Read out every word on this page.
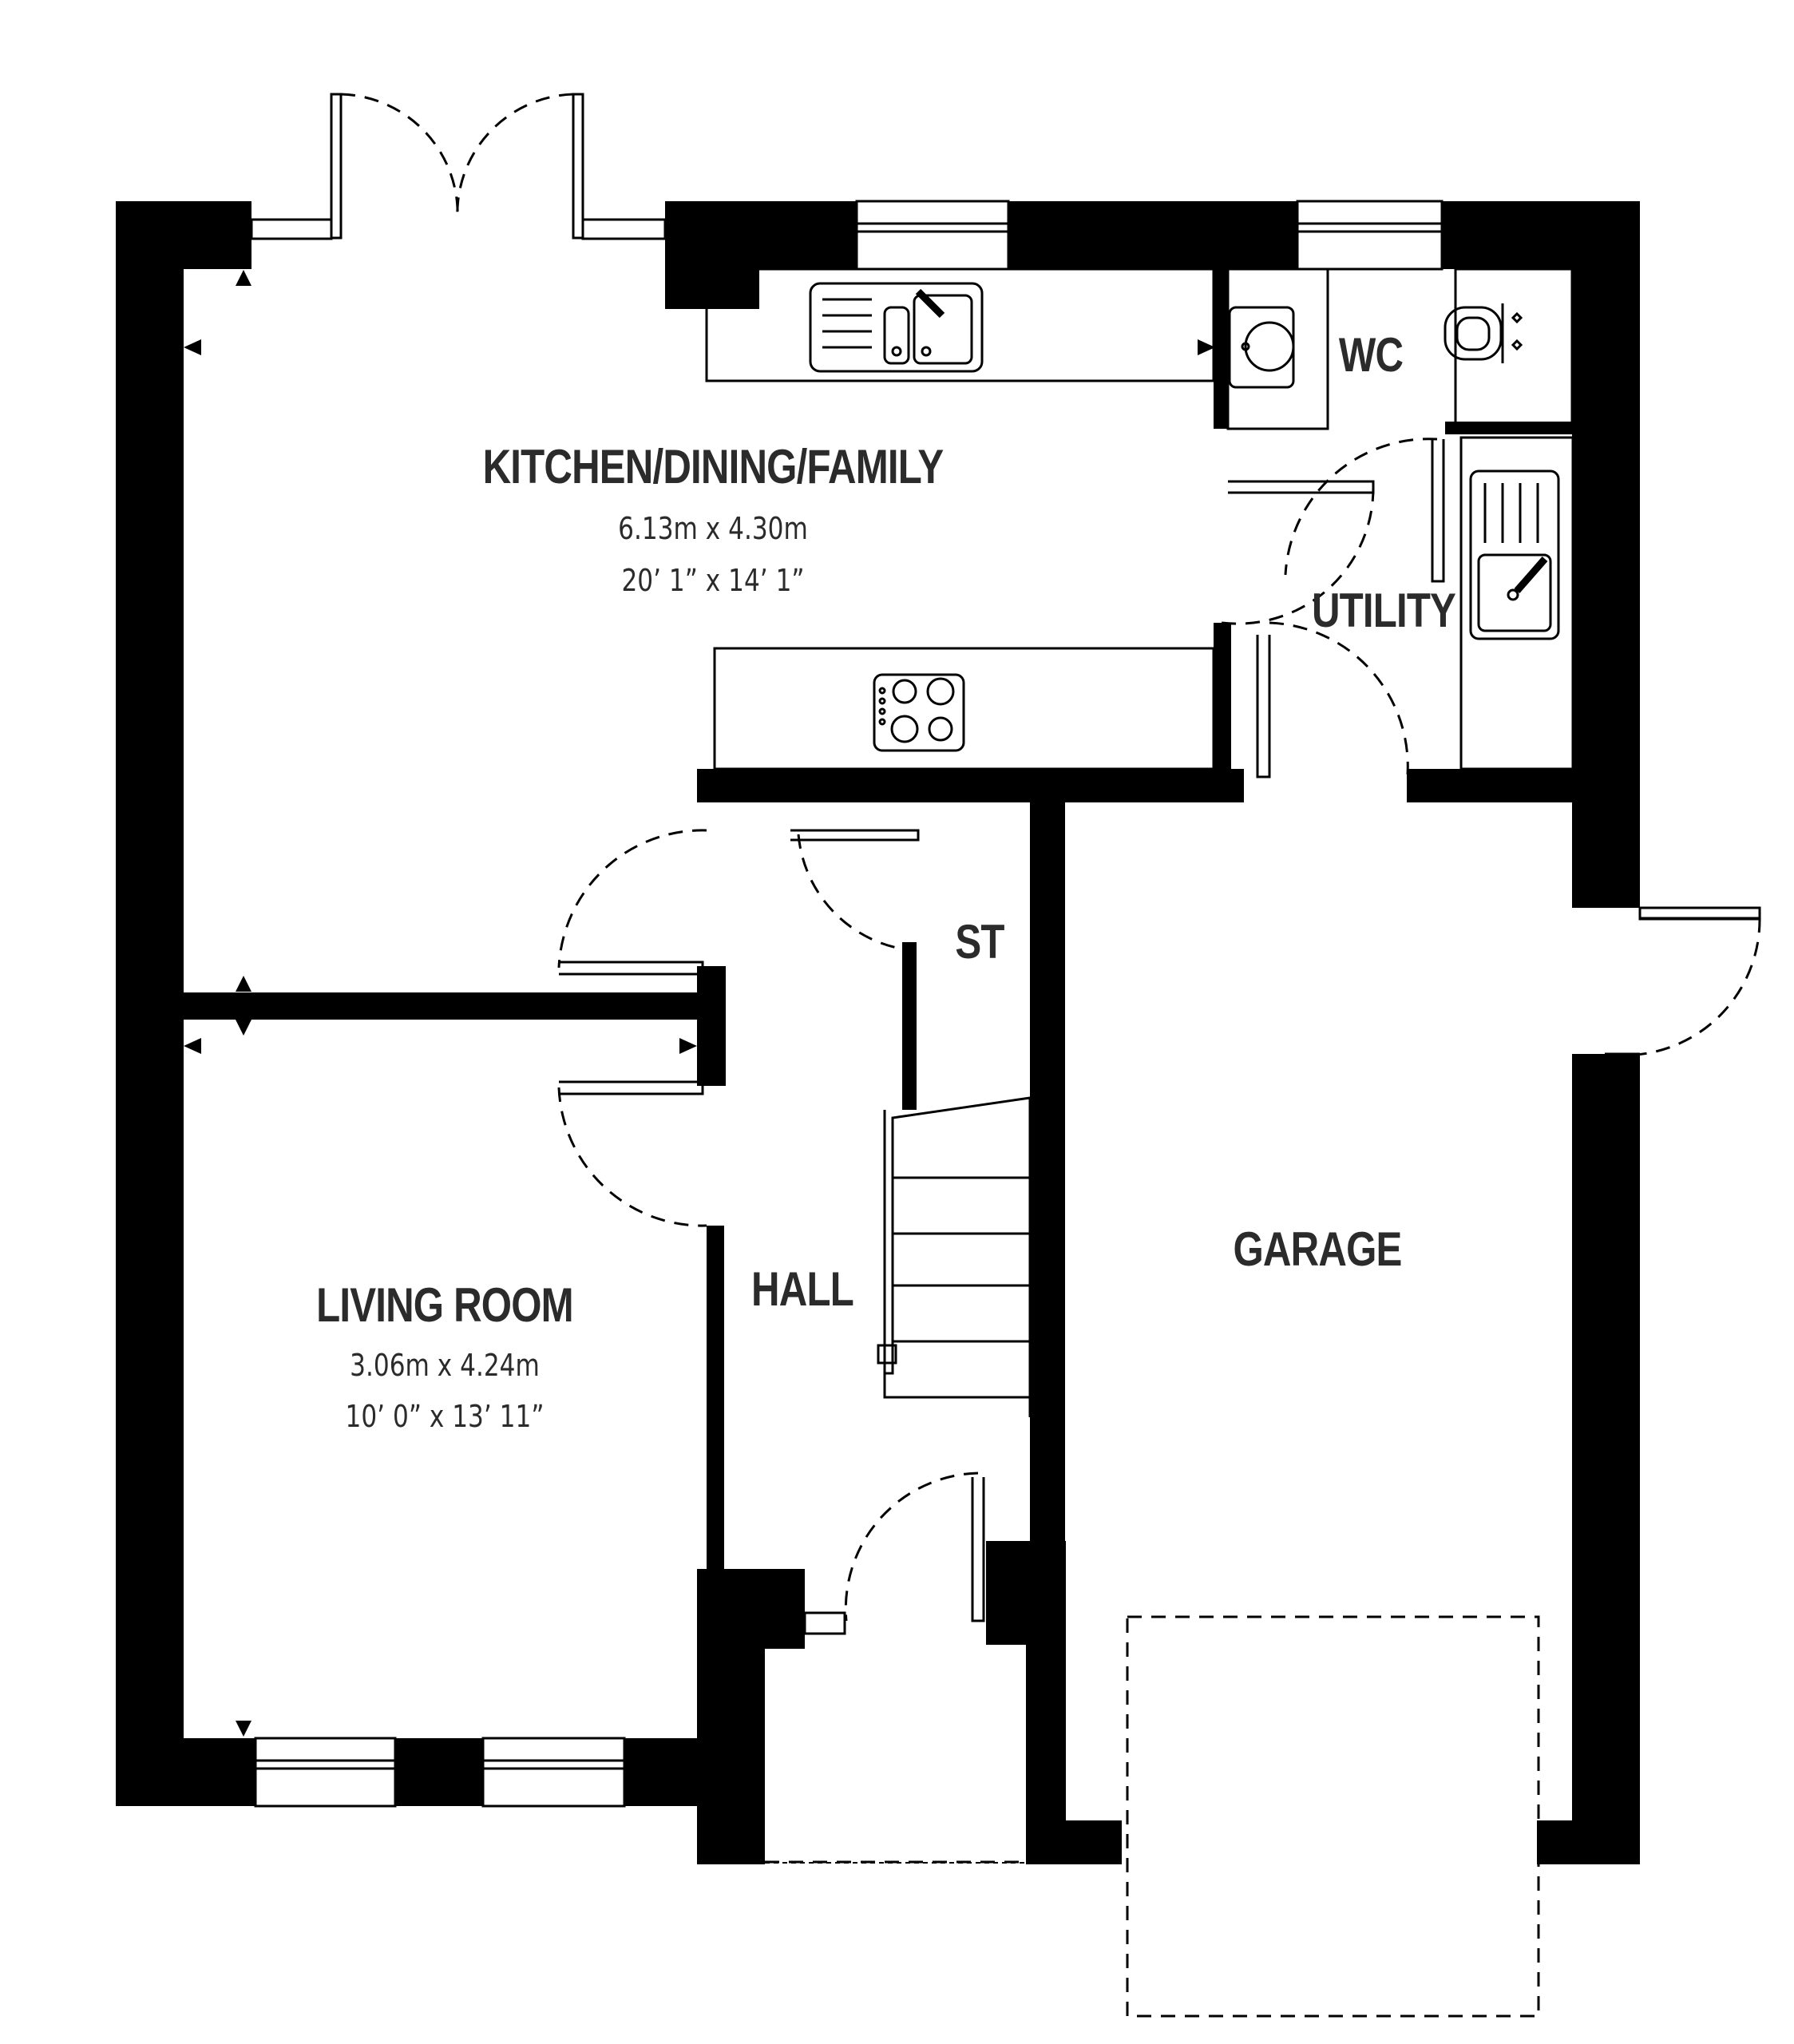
KITCHEN/DINING/FAMILY
6.13m x 4.30m
20’ 1” x 14’ 1”
WC
UTILITY
ST
HALL
LIVING ROOM
3.06m x 4.24m
10’ 0” x 13’ 11”
GARAGE
